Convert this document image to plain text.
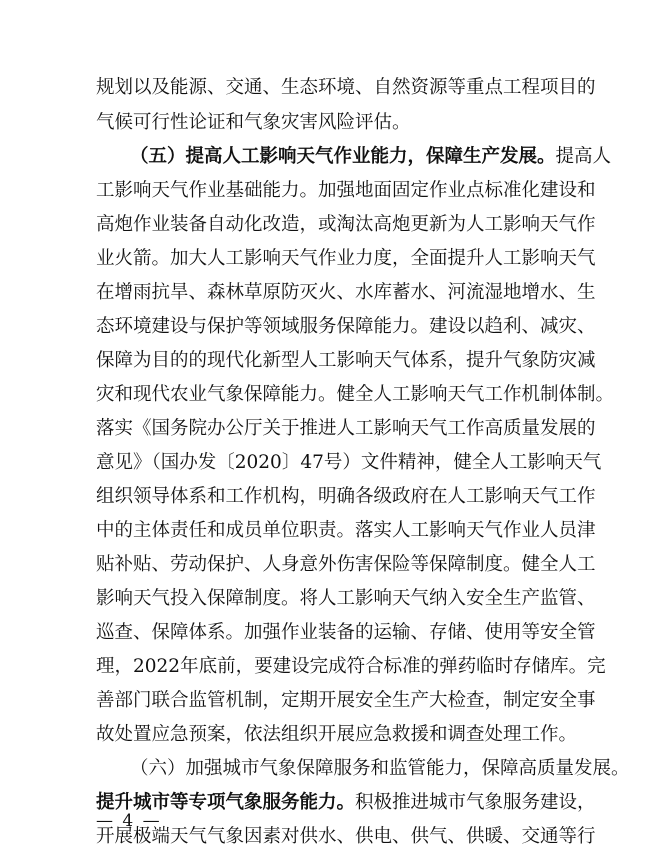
规划以及能源、交通、生态环境、自然资源等重点工程项目的
气候可行性论证和气象灾害风险评估。
（五）提高人工影响天气作业能力，保障生产发展。提高人
工影响天气作业基础能力。加强地面固定作业点标准化建设和
高炮作业装备自动化改造，或淘汰高炮更新为人工影响天气作
业火箭。加大人工影响天气作业力度，全面提升人工影响天气
在增雨抗旱、森林草原防灭火、水库蓄水、河流湿地增水、生
态环境建设与保护等领域服务保障能力。建设以趋利、减灾、
保障为目的的现代化新型人工影响天气体系，提升气象防灾减
灾和现代农业气象保障能力。健全人工影响天气工作机制体制。
落实《国务院办公厅关于推进人工影响天气工作高质量发展的
意见》（国办发〔2020〕47号）文件精神，健全人工影响天气
组织领导体系和工作机构，明确各级政府在人工影响天气工作
中的主体责任和成员单位职责。落实人工影响天气作业人员津
贴补贴、劳动保护、人身意外伤害保险等保障制度。健全人工
影响天气投入保障制度。将人工影响天气纳入安全生产监管、
巡查、保障体系。加强作业装备的运输、存储、使用等安全管
理，2022年底前，要建设完成符合标准的弹药临时存储库。完
善部门联合监管机制，定期开展安全生产大检查，制定安全事
故处置应急预案，依法组织开展应急救援和调查处理工作。
（六）加强城市气象保障服务和监管能力，保障高质量发展。
提升城市等专项气象服务能力。积极推进城市气象服务建设，
开展极端天气气象因素对供水、供电、供气、供暖、交通等行
— 4 —
